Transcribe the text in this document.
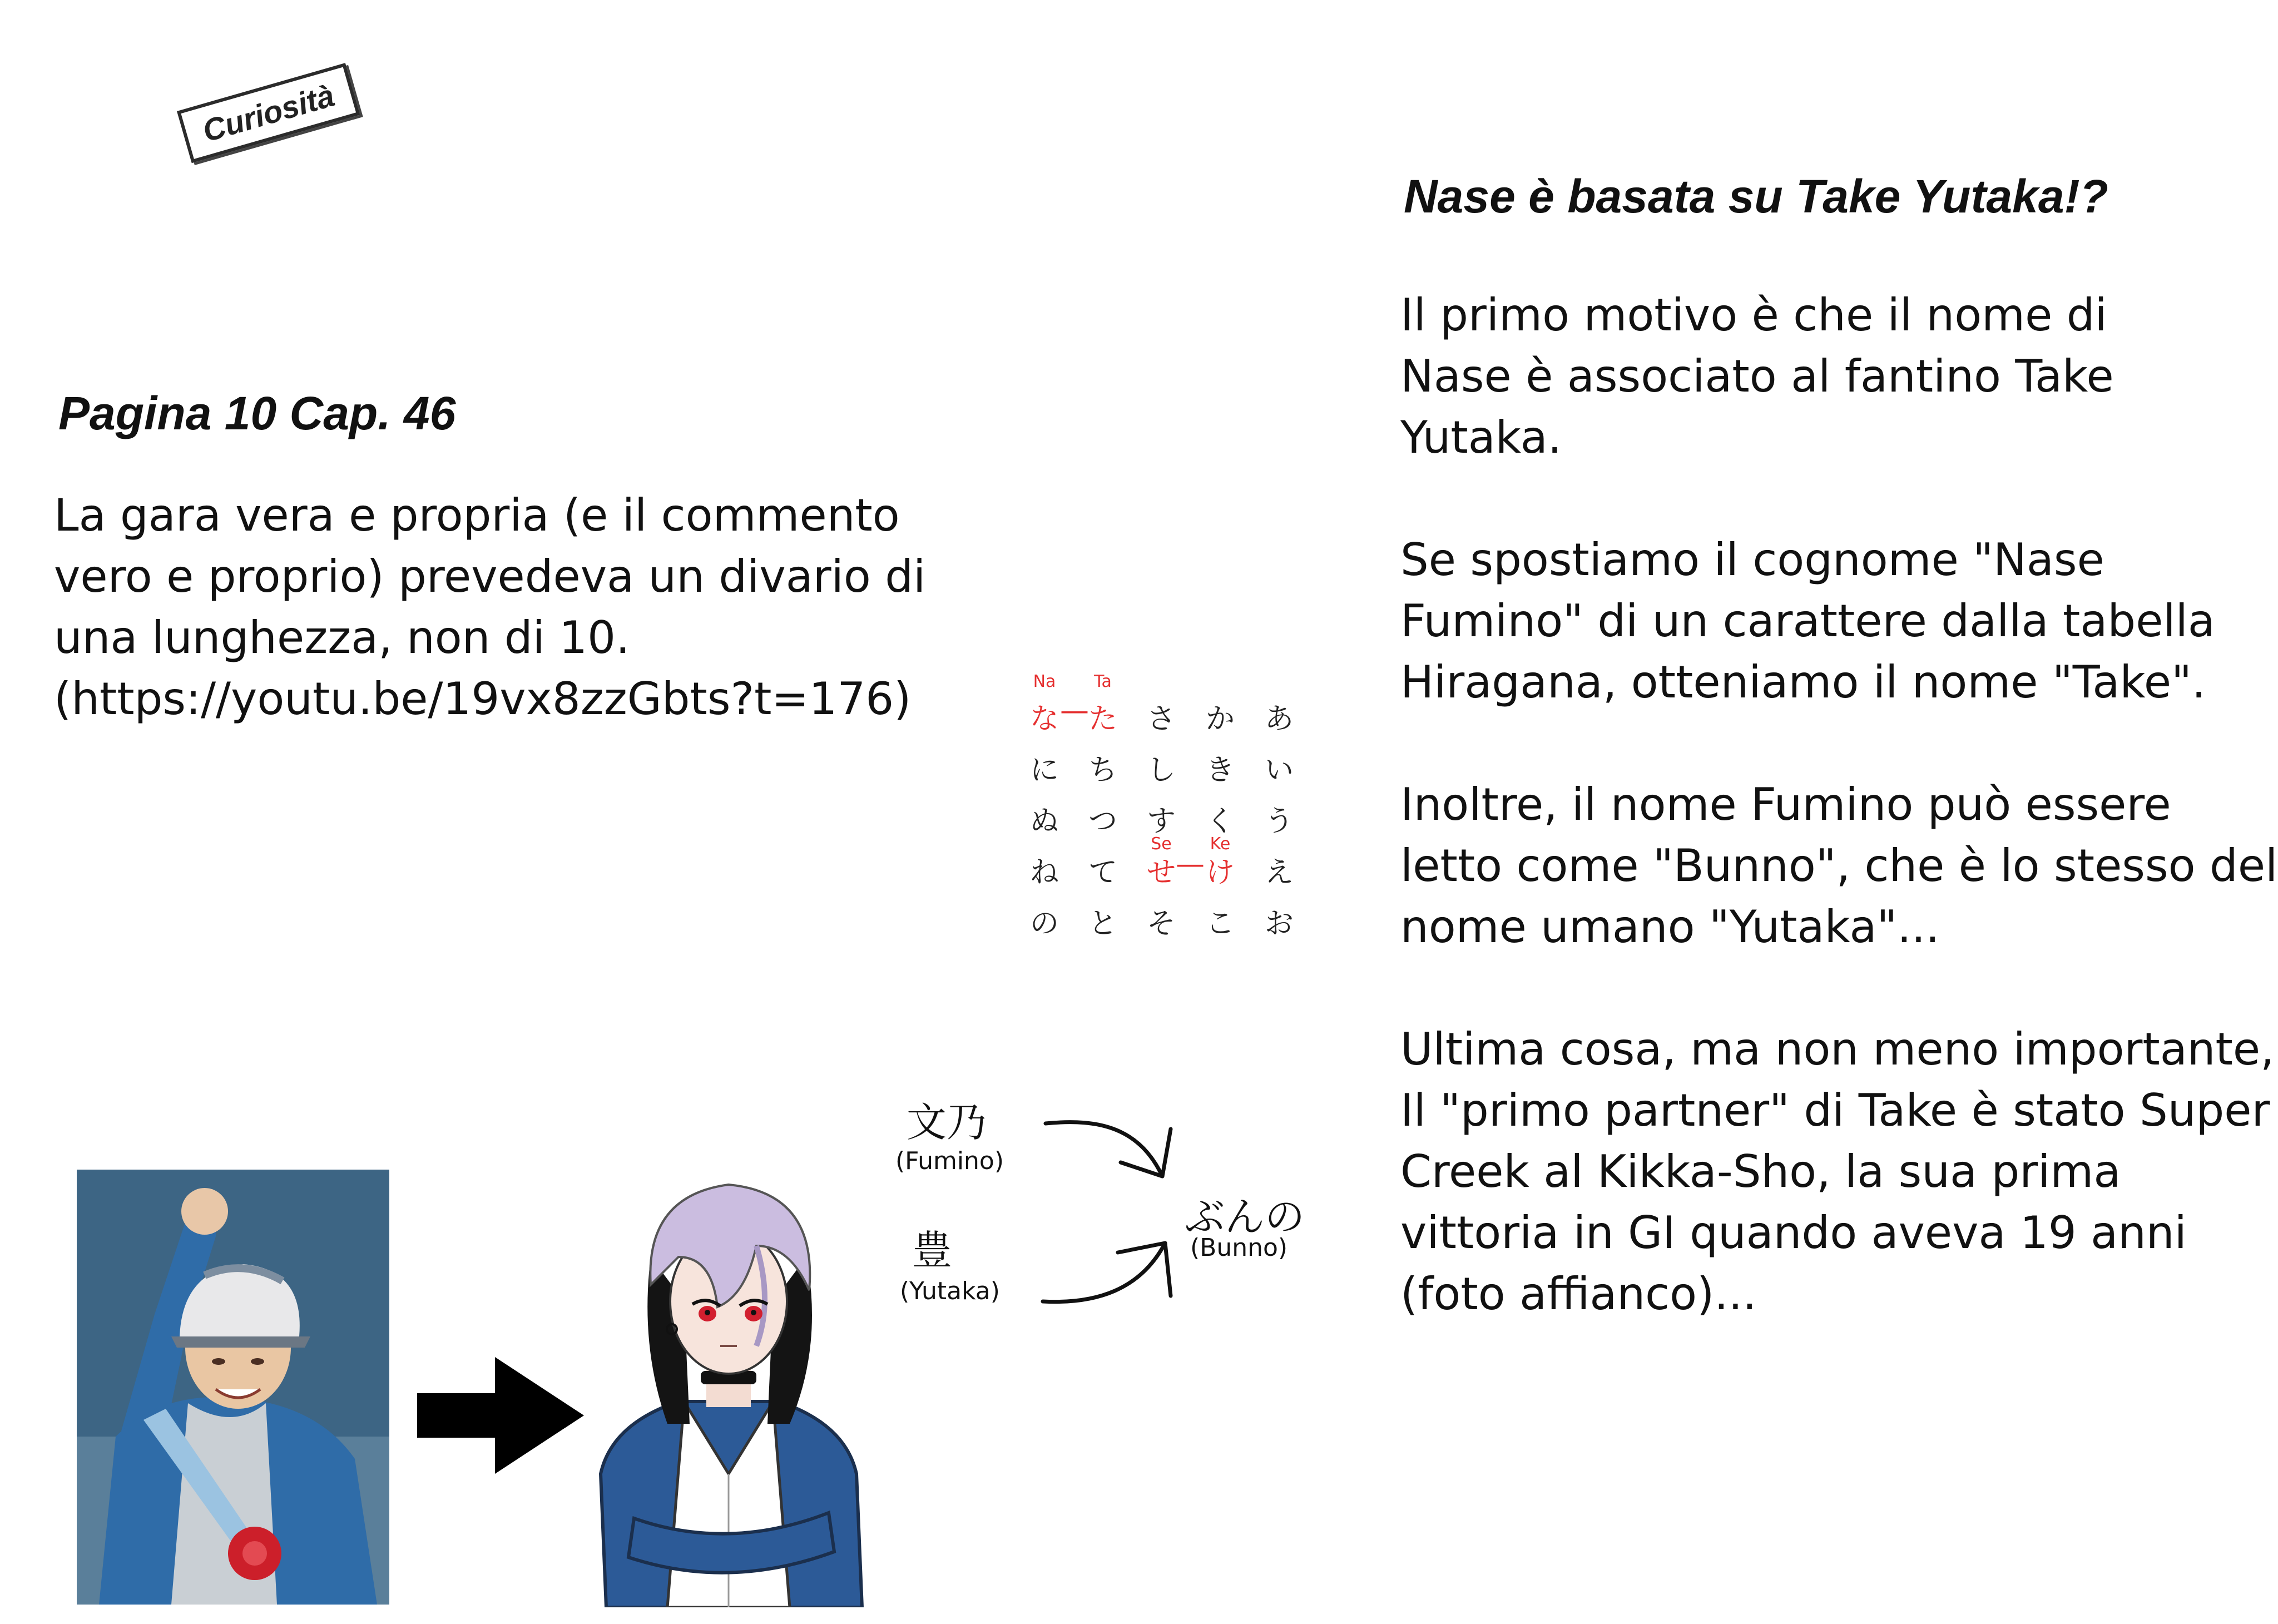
Curiosità
Pagina 10 Cap. 46
La gara vera e propria (e il commento
vero e proprio) prevedeva un divario di
una lunghezza, non di 10.
(https://youtu.be/19vx8zzGbts?t=176)
Nase è basata su Take Yutaka!?
Il primo motivo è che il nome di
Nase è associato al fantino Take
Yutaka.
Se spostiamo il cognome "Nase
Fumino" di un carattere dalla tabella
Hiragana, otteniamo il nome "Take".
Inoltre, il nome Fumino può essere
letto come "Bunno", che è lo stesso del
nome umano "Yutaka"...
Ultima cosa, ma non meno importante,
Il "primo partner" di Take è stato Super
Creek al Kikka-Sho, la sua prima
vittoria in GI quando aveva 19 anni
(foto affianco)...
Na	Ta
Se	Ke
な —
た さ か あ
に ち し き い
ぬ つ す く う
ね て せ — け え
の と そ こ お
文乃
(Fumino)
豊
(Yutaka)
ぶんの
(Bunno)
